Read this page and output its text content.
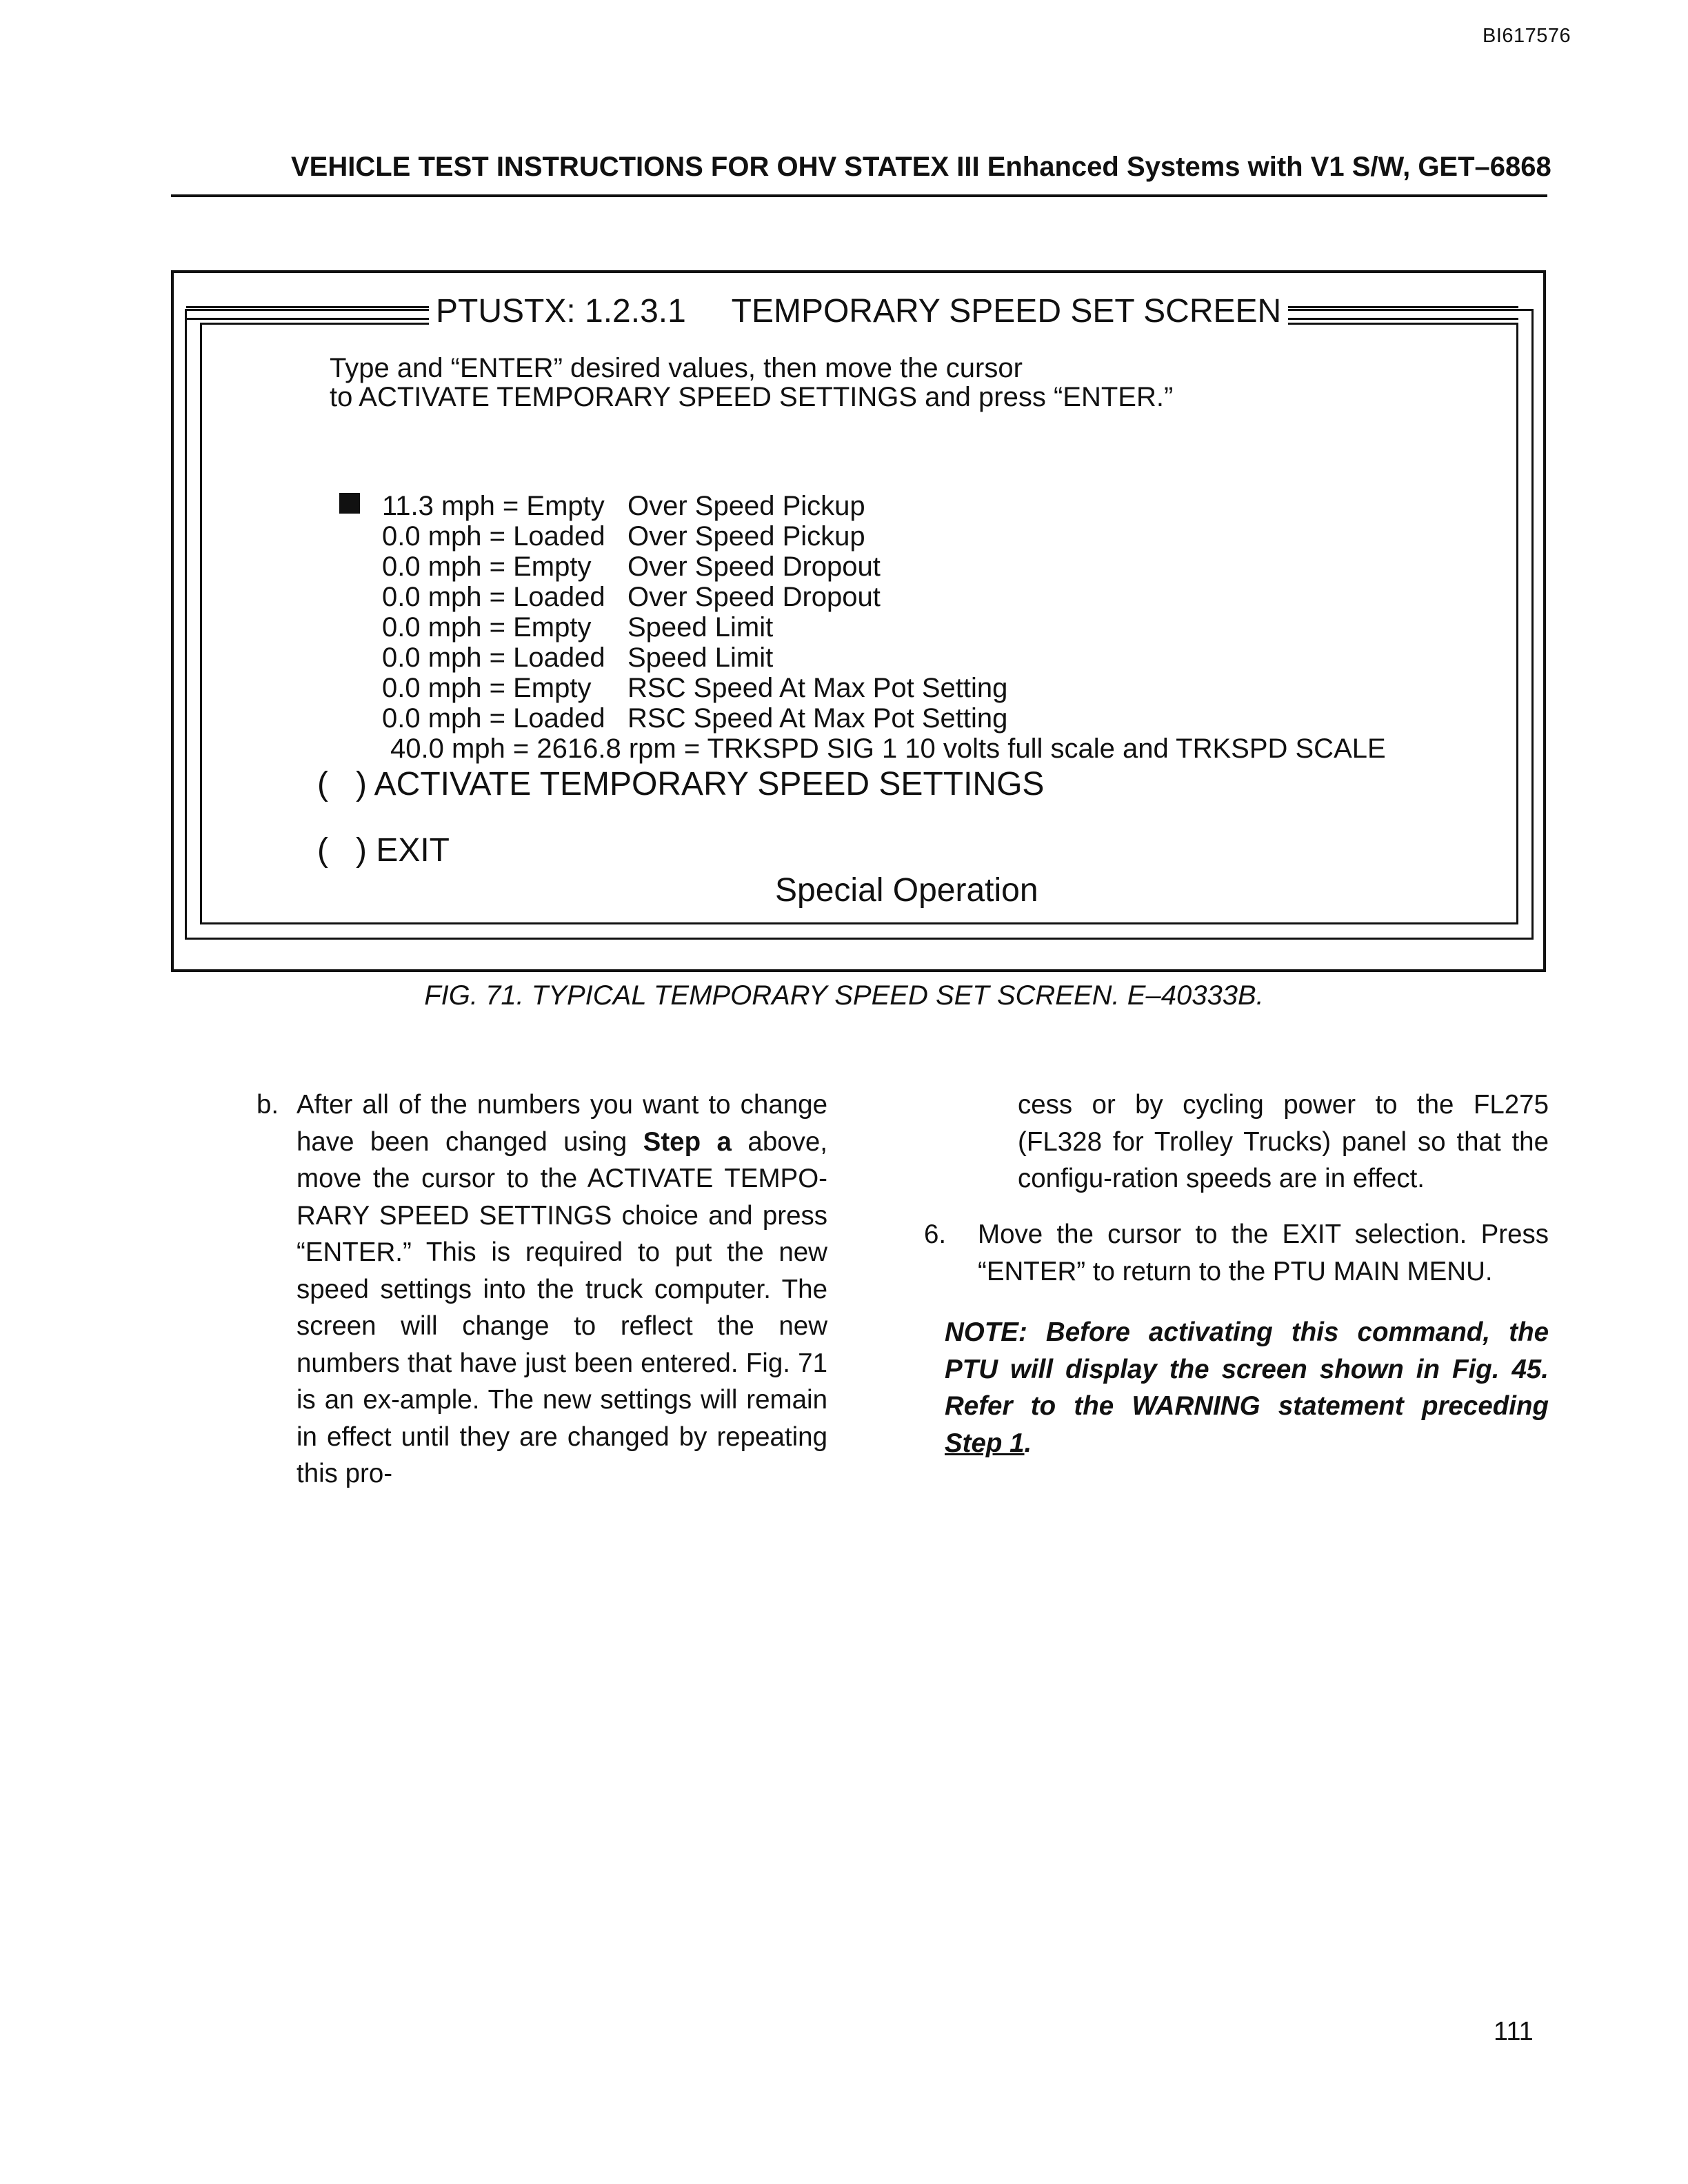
BI617576
VEHICLE TEST INSTRUCTIONS FOR OHV STATEX III Enhanced Systems with V1 S/W, GET–6868
PTUSTX: 1.2.3.1     TEMPORARY SPEED SET SCREEN
Type and “ENTER” desired values, then move the cursor
to ACTIVATE TEMPORARY SPEED SETTINGS and press “ENTER.”
11.3 mph = Empty Over Speed Pickup
0.0 mph = Loaded Over Speed Pickup
0.0 mph = Empty Over Speed Dropout
0.0 mph = Loaded Over Speed Dropout
0.0 mph = Empty Speed Limit
0.0 mph = Loaded Speed Limit
0.0 mph = Empty RSC Speed At Max Pot Setting
0.0 mph = Loaded RSC Speed At Max Pot Setting
40.0 mph = 2616.8 rpm = TRKSPD SIG 1 10 volts full scale and TRKSPD SCALE
(   ) ACTIVATE TEMPORARY SPEED SETTINGS
(   ) EXIT
Special Operation
FIG. 71. TYPICAL TEMPORARY SPEED SET SCREEN. E–40333B.
b. After all of the numbers you want to change have been changed using Step a above, move the cursor to the ACTIVATE TEMPO-RARY SPEED SETTINGS choice and press “ENTER.” This is required to put the new speed settings into the truck computer. The screen will change to reflect the new numbers that have just been entered. Fig. 71 is an ex-ample. The new settings will remain in effect until they are changed by repeating this pro-
cess or by cycling power to the FL275 (FL328 for Trolley Trucks) panel so that the configu-ration speeds are in effect.
6. Move the cursor to the EXIT selection. Press “ENTER” to return to the PTU MAIN MENU.
NOTE: Before activating this command, the PTU will display the screen shown in Fig. 45. Refer to the WARNING statement preceding Step 1.
111
